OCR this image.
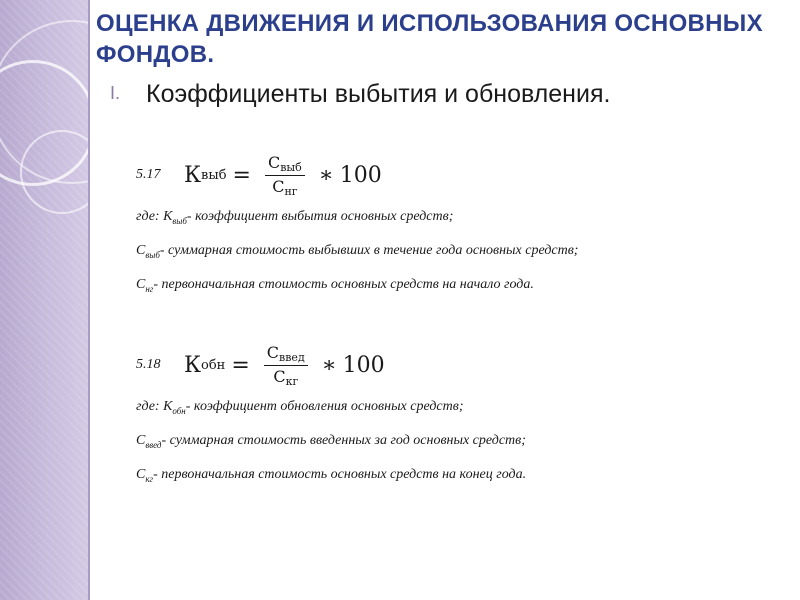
ОЦЕНКА ДВИЖЕНИЯ И ИСПОЛЬЗОВАНИЯ ОСНОВНЫХ ФОНДОВ.
I. Коэффициенты выбытия и обновления.
5.17	К выб = $\frac{С_{выб}}{С_{нг}}$ ∗ 100
где: $К_{выб}-$ коэффициент выбытия основных средств;
$С_{выб}-$ суммарная стоимость выбывших в течение года основных средств;
$С_{нг}-$ первоначальная стоимость основных средств на начало года.
5.18	К обн = $\frac{С_{введ}}{С_{кг}}$ ∗ 100
где: $К_{обн}-$ коэффициент обновления основных средств;
$С_{введ}-$ суммарная стоимость введенных за год основных средств;
$С_{кг}-$ первоначальная стоимость основных средств на конец года.
